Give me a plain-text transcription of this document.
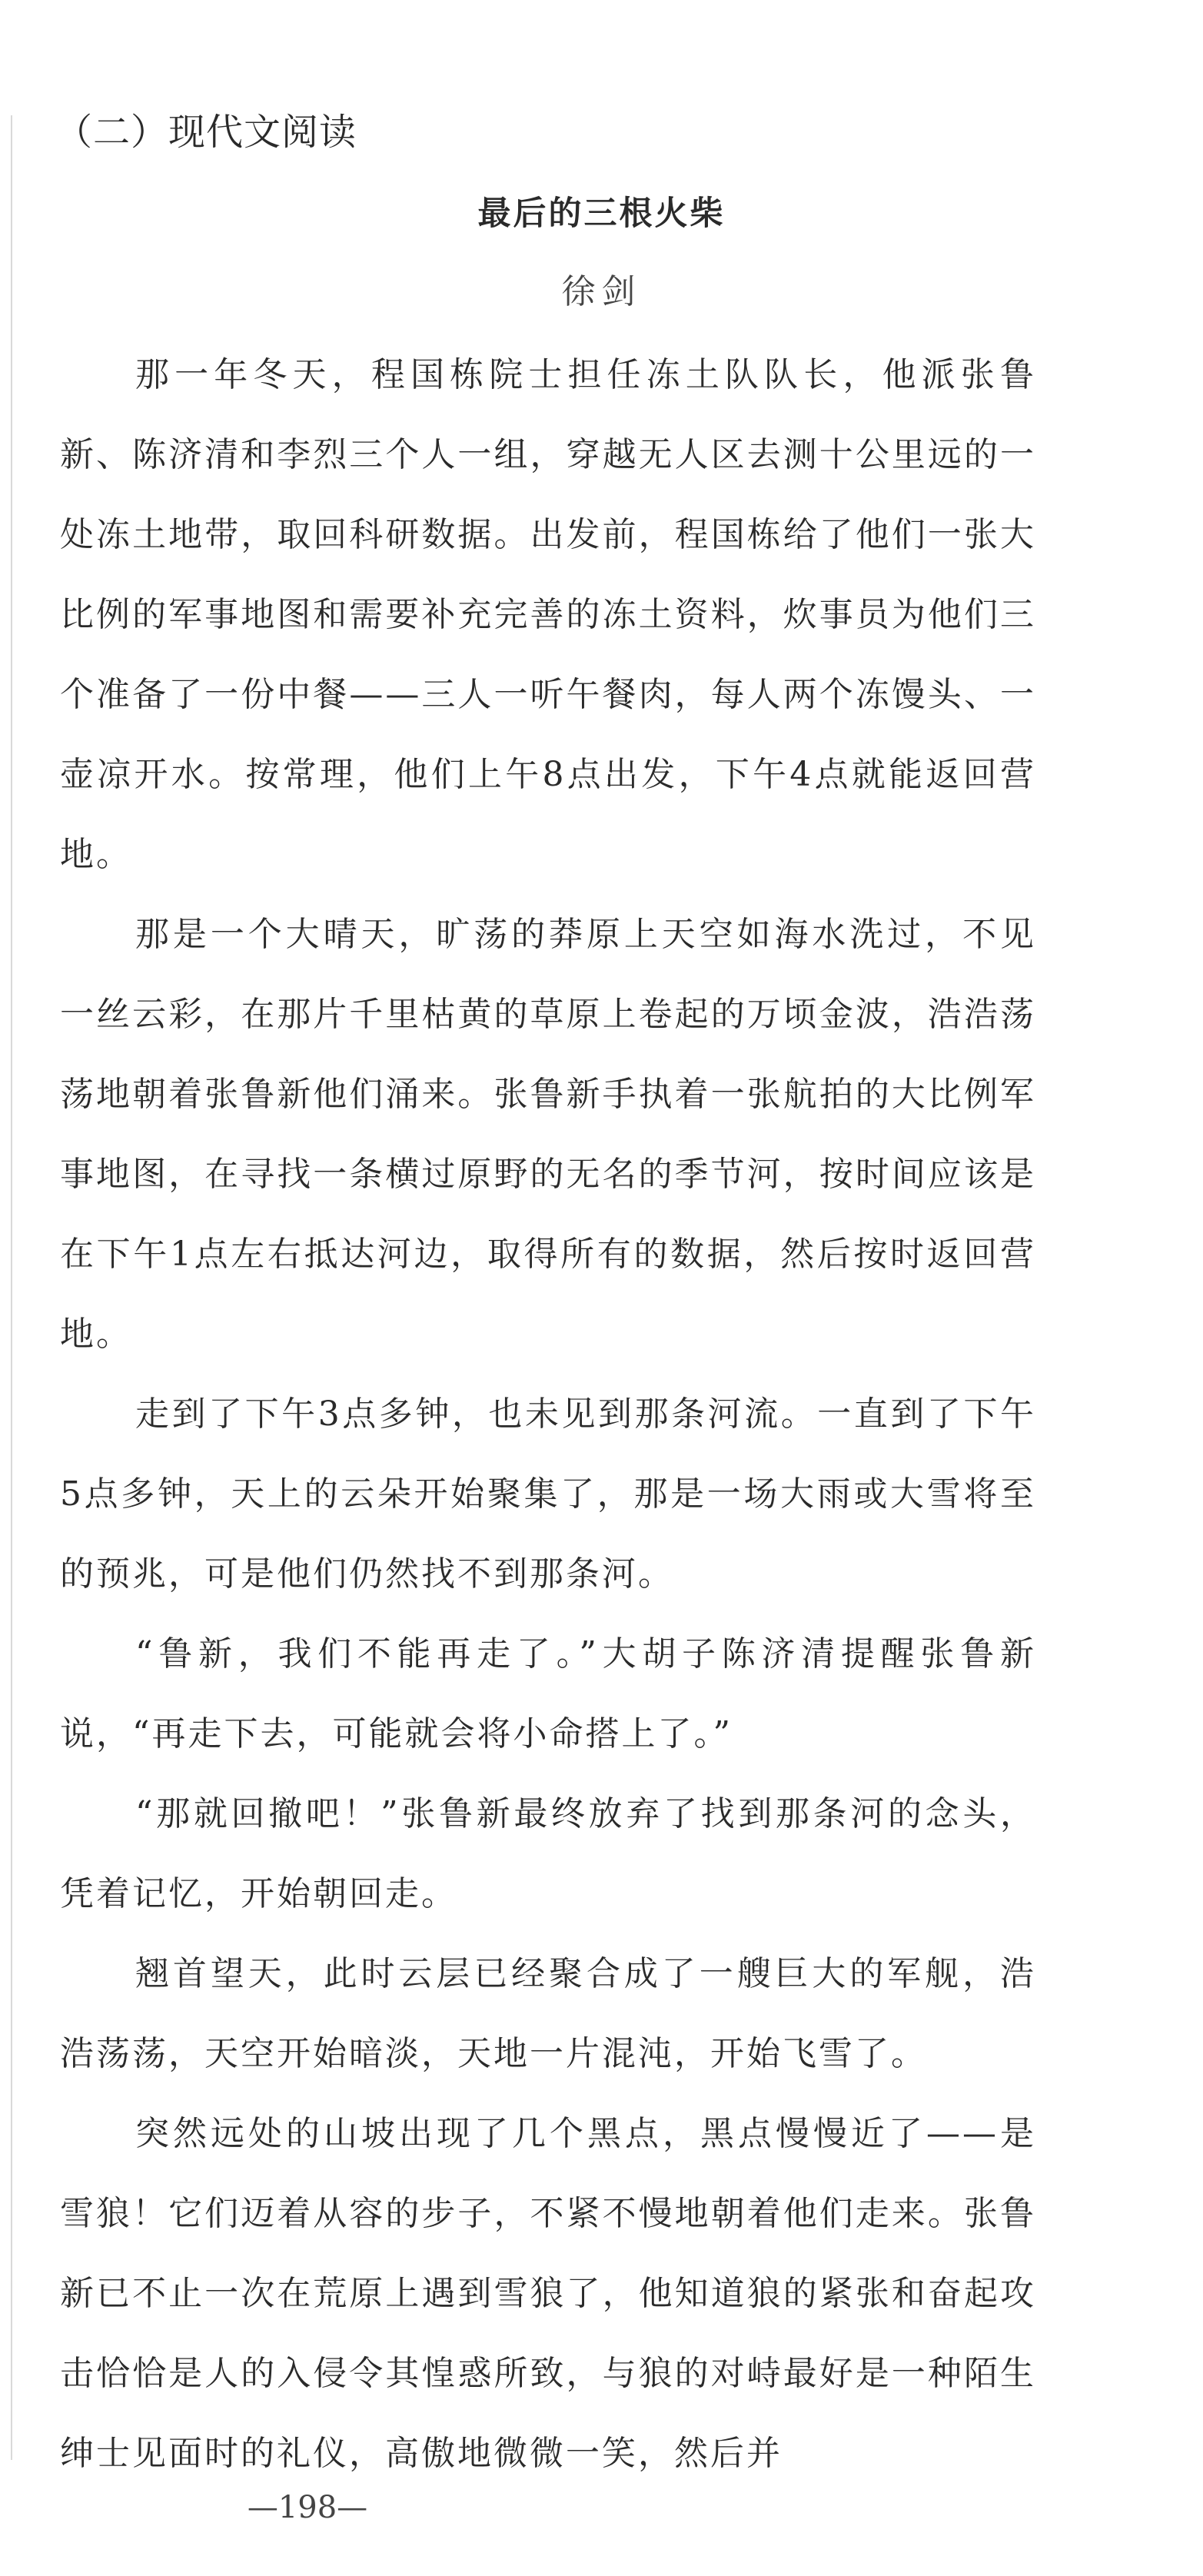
（二）现代文阅读
最后的三根火柴
徐剑

那一年冬天，程国栋院士担任冻土队队长，他派张鲁新、陈济清和李烈三个人一组，穿越无人区去测十公里远的一处冻土地带，取回科研数据。出发前，程国栋给了他们一张大比例的军事地图和需要补充完善的冻土资料，炊事员为他们三个准备了一份中餐——三人一听午餐肉，每人两个冻馒头、一壶凉开水。按常理，他们上午8点出发，下午4点就能返回营地。

那是一个大晴天，旷荡的莽原上天空如海水洗过，不见一丝云彩，在那片千里枯黄的草原上卷起的万顷金波，浩浩荡荡地朝着张鲁新他们涌来。张鲁新手执着一张航拍的大比例军事地图，在寻找一条横过原野的无名的季节河，按时间应该是在下午1点左右抵达河边，取得所有的数据，然后按时返回营地。

走到了下午3点多钟，也未见到那条河流。一直到了下午5点多钟，天上的云朵开始聚集了，那是一场大雨或大雪将至的预兆，可是他们仍然找不到那条河。

“鲁新，我们不能再走了。”大胡子陈济清提醒张鲁新说，“再走下去，可能就会将小命搭上了。”

“那就回撤吧！”张鲁新最终放弃了找到那条河的念头，凭着记忆，开始朝回走。

翘首望天，此时云层已经聚合成了一艘巨大的军舰，浩浩荡荡，天空开始暗淡，天地一片混沌，开始飞雪了。

突然远处的山坡出现了几个黑点，黑点慢慢近了——是雪狼！它们迈着从容的步子，不紧不慢地朝着他们走来。张鲁新已不止一次在荒原上遇到雪狼了，他知道狼的紧张和奋起攻击恰恰是人的入侵令其惶惑所致，与狼的对峙最好是一种陌生绅士见面时的礼仪，高傲地微微一笑，然后并

—198—
